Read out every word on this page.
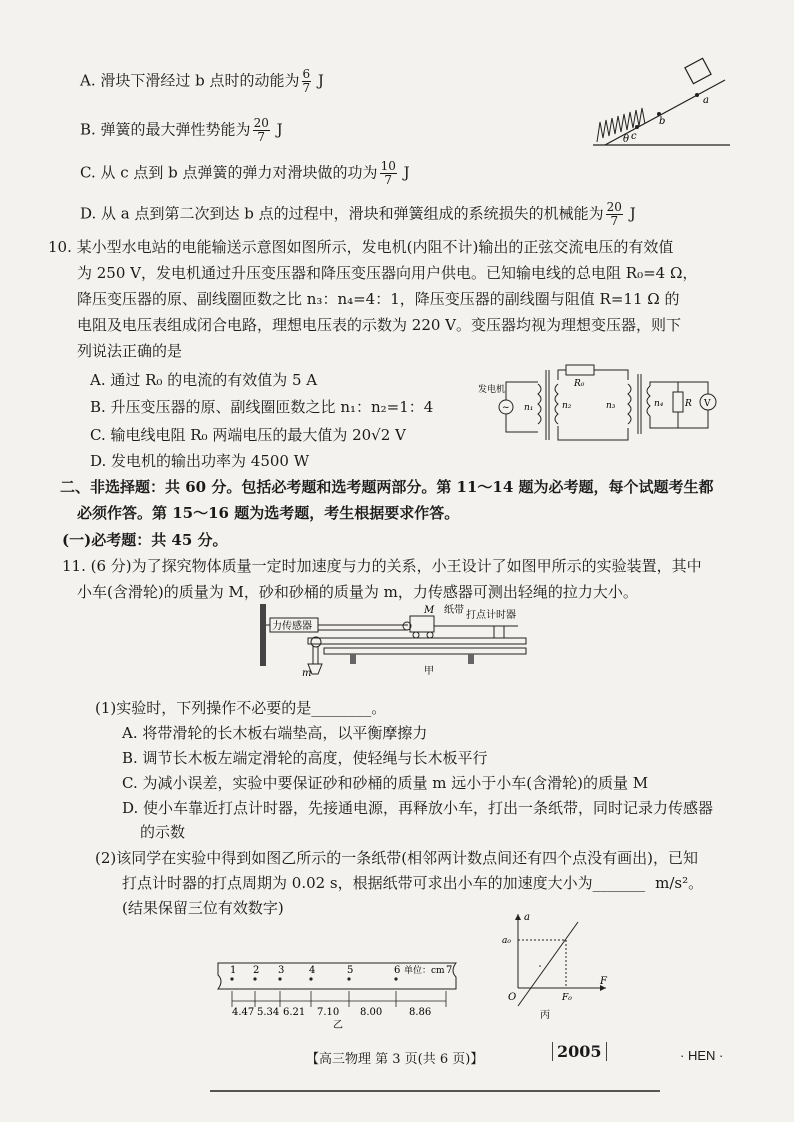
A. 滑块下滑经过 b 点时的动能为 $\frac{6}{7}$ J
B. 弹簧的最大弹性势能为 $\frac{20}{7}$ J
C. 从 c 点到 b 点弹簧的弹力对滑块做的功为 $\frac{10}{7}$ J
D. 从 a 点到第二次到达 b 点的过程中，滑块和弹簧组成的系统损失的机械能为 $\frac{20}{7}$ J
a
b
c
θ
10. 某小型水电站的电能输送示意图如图所示，发电机(内阻不计)输出的正弦交流电压的有效值
为 250 V，发电机通过升压变压器和降压变压器向用户供电。已知输电线的总电阻 R₀=4 Ω，
降压变压器的原、副线圈匝数之比 n₃：n₄=4：1，降压变压器的副线圈与阻值 R=11 Ω 的
电阻及电压表组成闭合电路，理想电压表的示数为 220 V。变压器均视为理想变压器，则下
列说法正确的是
A. 通过 R₀ 的电流的有效值为 5 A
B. 升压变压器的原、副线圈匝数之比 n₁：n₂=1：4
C. 输电线电阻 R₀ 两端电压的最大值为 20√2 V
D. 发电机的输出功率为 4500 W
发电机
~ n₁	n₂
R₀
n₃	n₄ R V
二、非选择题：共 60 分。包括必考题和选考题两部分。第 11～14 题为必考题，每个试题考生都
必须作答。第 15～16 题为选考题，考生根据要求作答。
(一)必考题：共 45 分。
11. (6 分)为了探究物体质量一定时加速度与力的关系，小王设计了如图甲所示的实验装置，其中
小车(含滑轮)的质量为 M，砂和砂桶的质量为 m，力传感器可测出轻绳的拉力大小。
力传感器
M 纸带 打点计时器
m	甲
(1)实验时，下列操作不必要的是________。
A. 将带滑轮的长木板右端垫高，以平衡摩擦力
B. 调节长木板左端定滑轮的高度，使轻绳与长木板平行
C. 为减小误差，实验中要保证砂和砂桶的质量 m 远小于小车(含滑轮)的质量 M
D. 使小车靠近打点计时器，先接通电源，再释放小车，打出一条纸带，同时记录力传感器
的示数
(2)该同学在实验中得到如图乙所示的一条纸带(相邻两计数点间还有四个点没有画出)，已知
打点计时器的打点周期为 0.02 s，根据纸带可求出小车的加速度大小为_______ m/s²。
(结果保留三位有效数字)
1 2 3 4	5	6 单位：cm 7
4.47 5.34 6.21 7.10 8.00	8.86
乙
a
a₀
O
F
F₀
丙
【高三物理 第 3 页(共 6 页)】	2005	· HEN ·
